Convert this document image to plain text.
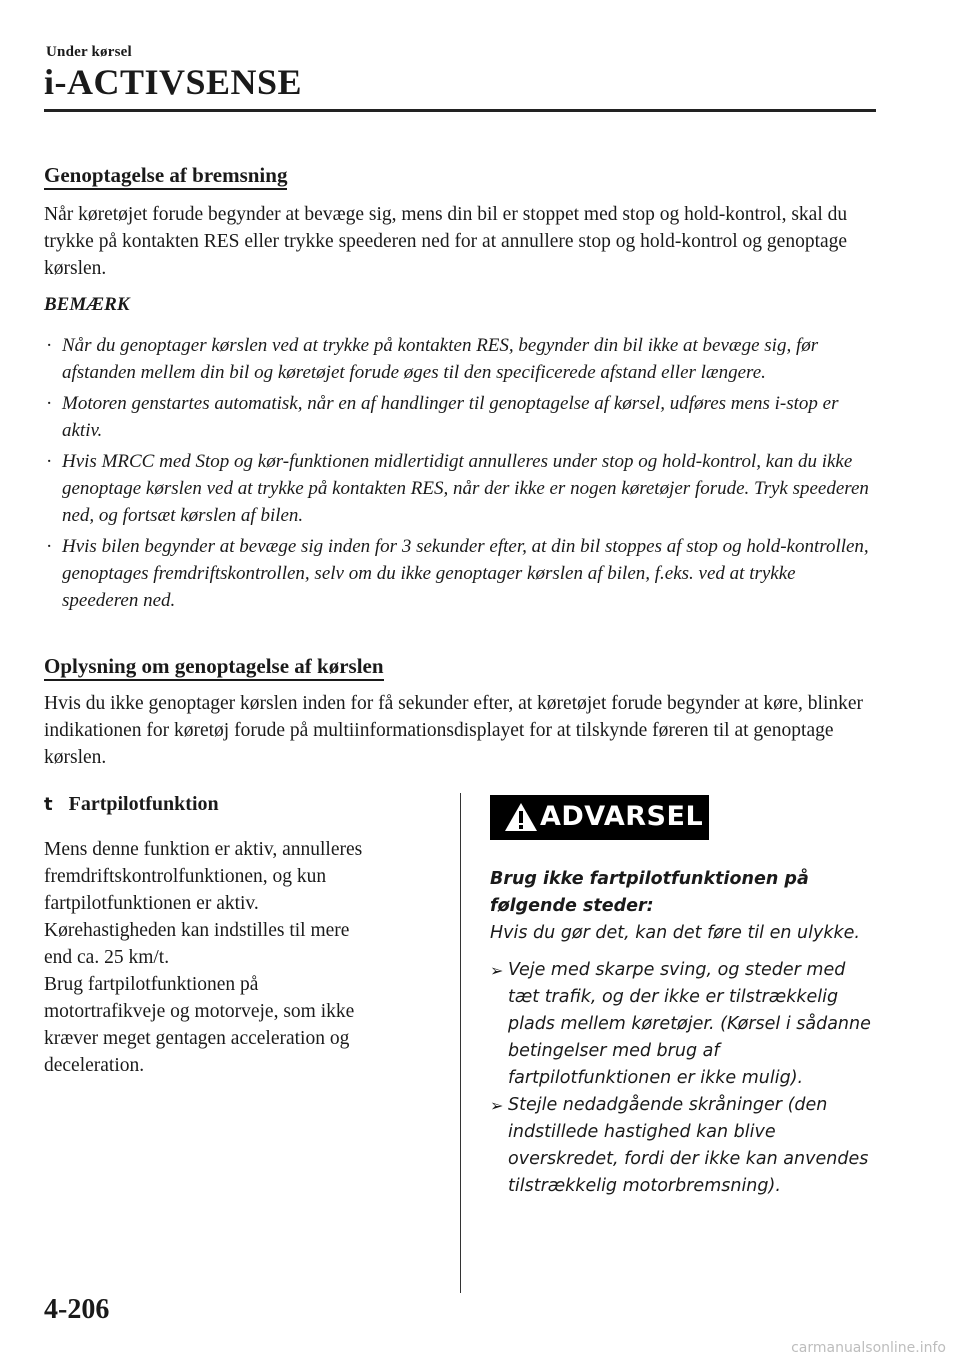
Under kørsel
i-ACTIVSENSE
Genoptagelse af bremsning
Når køretøjet forude begynder at bevæge sig, mens din bil er stoppet med stop og hold-kontrol, skal du trykke på kontakten RES eller trykke speederen ned for at annullere stop og hold-kontrol og genoptage kørslen.
BEMÆRK
· Når du genoptager kørslen ved at trykke på kontakten RES, begynder din bil ikke at bevæge sig, før afstanden mellem din bil og køretøjet forude øges til den specificerede afstand eller længere.
· Motoren genstartes automatisk, når en af handlinger til genoptagelse af kørsel, udføres mens i-stop er aktiv.
· Hvis MRCC med Stop og kør-funktionen midlertidigt annulleres under stop og hold-kontrol, kan du ikke genoptage kørslen ved at trykke på kontakten RES, når der ikke er nogen køretøjer forude. Tryk speederen ned, og fortsæt kørslen af bilen.
· Hvis bilen begynder at bevæge sig inden for 3 sekunder efter, at din bil stoppes af stop og hold-kontrollen, genoptages fremdriftskontrollen, selv om du ikke genoptager kørslen af bilen, f.eks. ved at trykke speederen ned.
Oplysning om genoptagelse af kørslen
Hvis du ikke genoptager kørslen inden for få sekunder efter, at køretøjet forude begynder at køre, blinker indikationen for køretøj forude på multiinformationsdisplayet for at tilskynde føreren til at genoptage kørslen.
t Fartpilotfunktion
Mens denne funktion er aktiv, annulleres
fremdriftskontrolfunktionen, og kun
fartpilotfunktionen er aktiv.
Kørehastigheden kan indstilles til mere
end ca. 25 km/t.
Brug fartpilotfunktionen på
motortrafikveje og motorveje, som ikke
kræver meget gentagen acceleration og
deceleration.
ADVARSEL
Brug ikke fartpilotfunktionen på følgende steder:
Hvis du gør det, kan det føre til en ulykke.
➢ Veje med skarpe sving, og steder med tæt trafik, og der ikke er tilstrækkelig plads mellem køretøjer. (Kørsel i sådanne betingelser med brug af fartpilotfunktionen er ikke mulig).
➢ Stejle nedadgående skråninger (den indstillede hastighed kan blive overskredet, fordi der ikke kan anvendes tilstrækkelig motorbremsning).
4-206
carmanualsonline.info
